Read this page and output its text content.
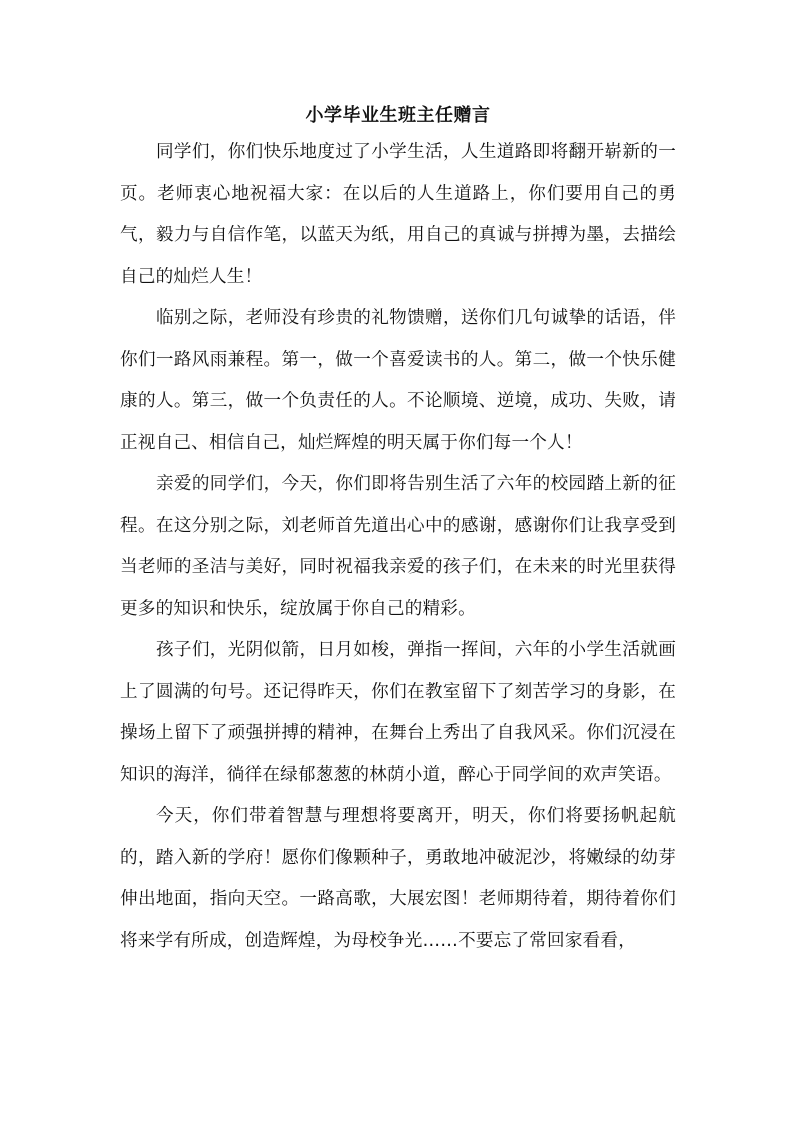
小学毕业生班主任赠言

同学们，你们快乐地度过了小学生活，人生道路即将翻开崭新的一页。老师衷心地祝福大家：在以后的人生道路上，你们要用自己的勇气，毅力与自信作笔，以蓝天为纸，用自己的真诚与拼搏为墨，去描绘自己的灿烂人生！

临别之际，老师没有珍贵的礼物馈赠，送你们几句诚挚的话语，伴你们一路风雨兼程。第一，做一个喜爱读书的人。第二，做一个快乐健康的人。第三，做一个负责任的人。不论顺境、逆境，成功、失败，请正视自己、相信自己，灿烂辉煌的明天属于你们每一个人！

亲爱的同学们，今天，你们即将告别生活了六年的校园踏上新的征程。在这分别之际，刘老师首先道出心中的感谢，感谢你们让我享受到当老师的圣洁与美好，同时祝福我亲爱的孩子们，在未来的时光里获得更多的知识和快乐，绽放属于你自己的精彩。

孩子们，光阴似箭，日月如梭，弹指一挥间，六年的小学生活就画上了圆满的句号。还记得昨天，你们在教室留下了刻苦学习的身影，在操场上留下了顽强拼搏的精神，在舞台上秀出了自我风采。你们沉浸在知识的海洋，徜徉在绿郁葱葱的林荫小道，醉心于同学间的欢声笑语。

今天，你们带着智慧与理想将要离开，明天，你们将要扬帆起航的，踏入新的学府！愿你们像颗种子，勇敢地冲破泥沙，将嫩绿的幼芽伸出地面，指向天空。一路高歌，大展宏图！老师期待着，期待着你们将来学有所成，创造辉煌，为母校争光……不要忘了常回家看看，
